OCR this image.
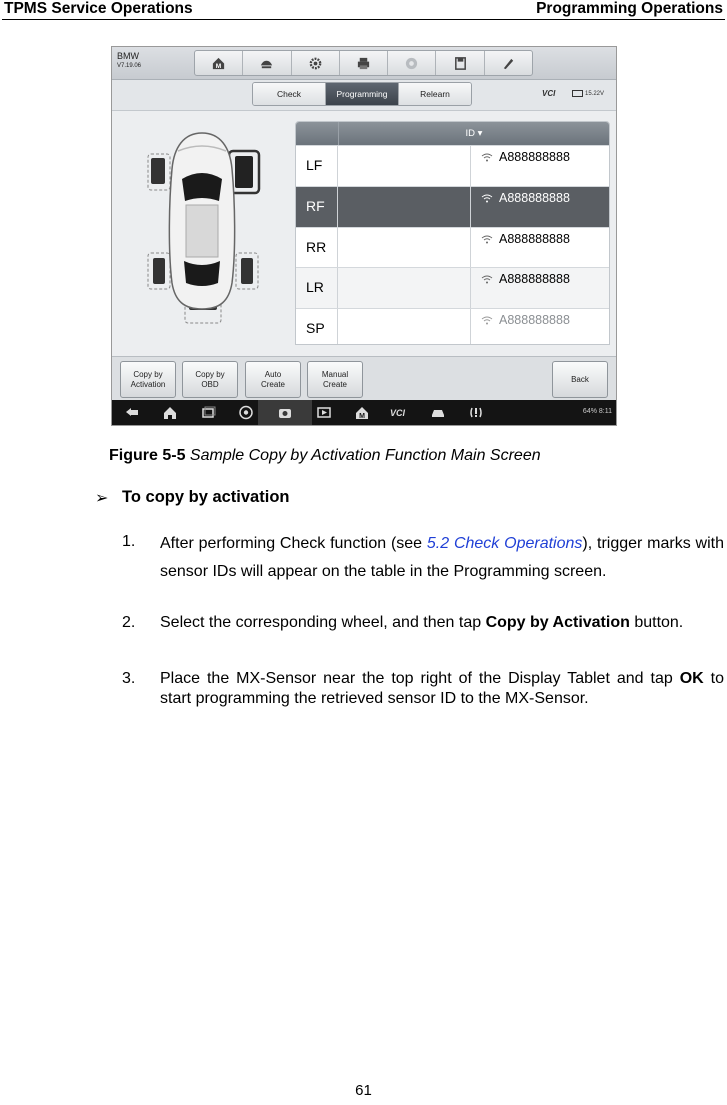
TPMS Service Operations	Programming Operations
BMW
V7.19.06	M
Check	Programming	Relearn	VCI	15.22V
ID ▾
LF	A888888888
RF	A888888888
RR	A888888888
LR	A888888888
SP	A888888888
Copy by
Activation
Copy by
OBD
Auto
Create
Manual
Create
Back
M	VCI	64% 8:11
Figure 5-5 Sample Copy by Activation Function Main Screen
➢ To copy by activation
1. After performing Check function (see 5.2 Check Operations), trigger marks with sensor IDs will appear on the table in the Programming screen.
2. Select the corresponding wheel, and then tap Copy by Activation button.
3. Place the MX-Sensor near the top right of the Display Tablet and tap OK to start programming the retrieved sensor ID to the MX-Sensor.
61
